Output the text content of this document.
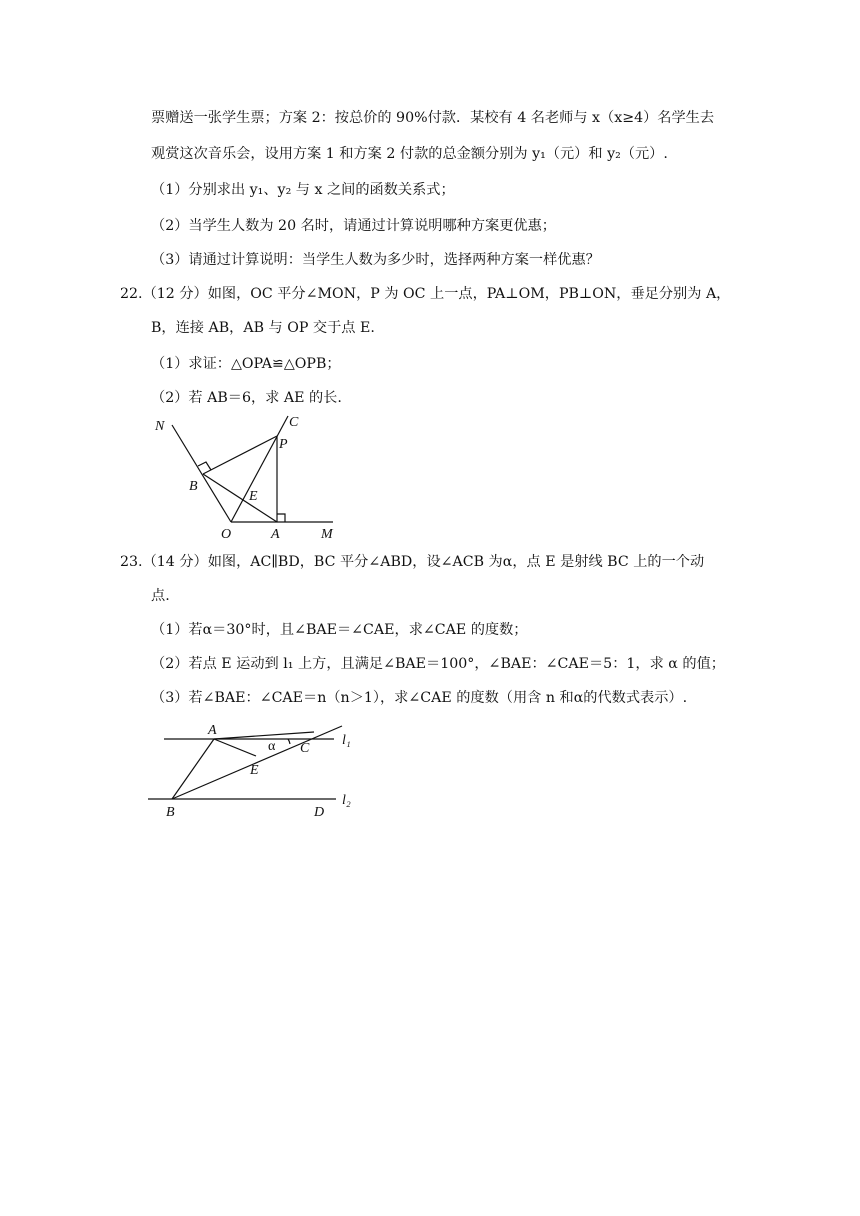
票赠送一张学生票；方案 2：按总价的 90%付款．某校有 4 名老师与 x（x≥4）名学生去
观赏这次音乐会，设用方案 1 和方案 2 付款的总金额分别为 y₁（元）和 y₂（元）.
（1）分别求出 y₁、y₂ 与 x 之间的函数关系式；
（2）当学生人数为 20 名时，请通过计算说明哪种方案更优惠；
（3）请通过计算说明：当学生人数为多少时，选择两种方案一样优惠？
22.（12 分）如图，OC 平分∠MON，P 为 OC 上一点，PA⊥OM，PB⊥ON，垂足分别为 A，
B，连接 AB，AB 与 OP 交于点 E.
（1）求证：△OPA≌△OPB；
（2）若 AB＝6，求 AE 的长.
N	C
P
B
E
O	A	M
23.（14 分）如图，AC∥BD，BC 平分∠ABD，设∠ACB 为α，点 E 是射线 BC 上的一个动
点.
（1）若α＝30°时，且∠BAE＝∠CAE，求∠CAE 的度数；
（2）若点 E 运动到 l₁ 上方，且满足∠BAE＝100°，∠BAE：∠CAE＝5：1，求 α 的值；
（3）若∠BAE：∠CAE＝n（n＞1），求∠CAE 的度数（用含 n 和α的代数式表示）.
A
α C
l₁
E
B	D
l₂
